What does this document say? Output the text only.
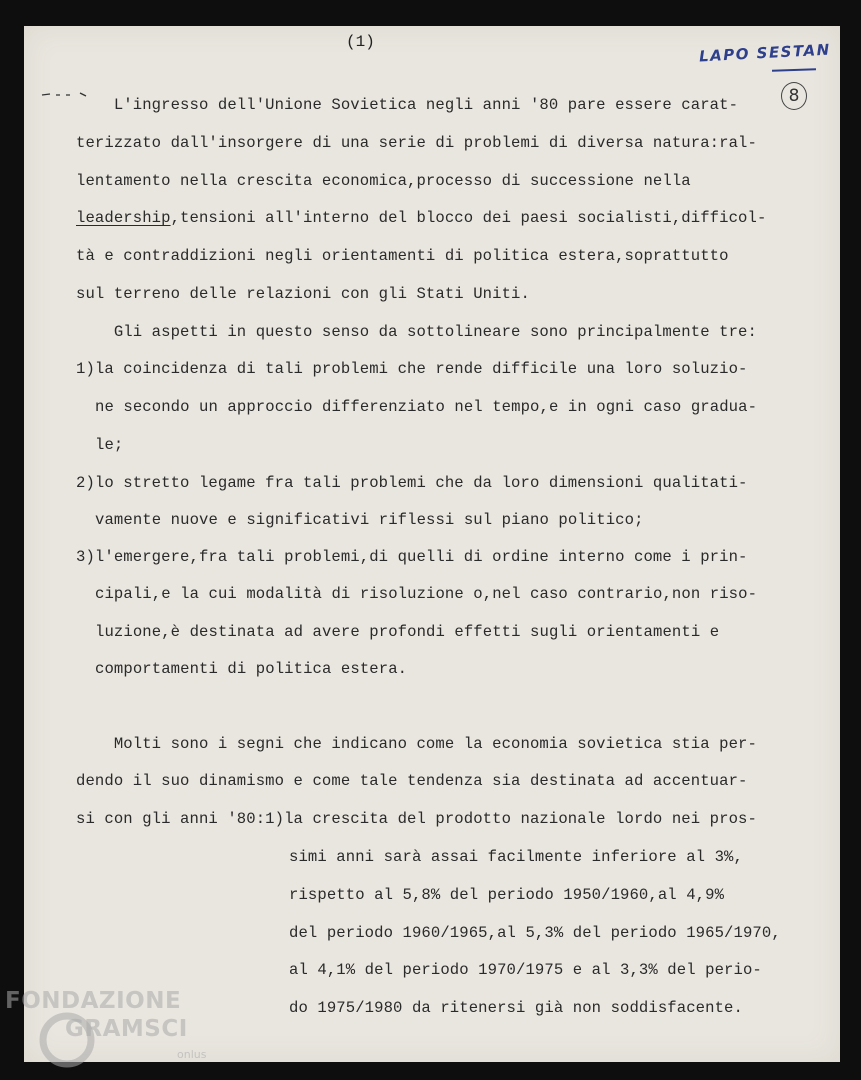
(1)	LAPO SESTAN
8
L'ingresso dell'Unione Sovietica negli anni '80 pare essere carat-
terizzato dall'insorgere di una serie di problemi di diversa natura:ral-
lentamento nella crescita economica,processo di successione nella
leadership,tensioni all'interno del blocco dei paesi socialisti,difficol-
tà e contraddizioni negli orientamenti di politica estera,soprattutto
sul terreno delle relazioni con gli Stati Uniti.
Gli aspetti in questo senso da sottolineare sono principalmente tre:
1)la coincidenza di tali problemi che rende difficile una loro soluzio-
ne secondo un approccio differenziato nel tempo,e in ogni caso gradua-
le;
2)lo stretto legame fra tali problemi che da loro dimensioni qualitati-
vamente nuove e significativi riflessi sul piano politico;
3)l'emergere,fra tali problemi,di quelli di ordine interno come i prin-
cipali,e la cui modalità di risoluzione o,nel caso contrario,non riso-
luzione,è destinata ad avere profondi effetti sugli orientamenti e
comportamenti di politica estera.
Molti sono i segni che indicano come la economia sovietica stia per-
dendo il suo dinamismo e come tale tendenza sia destinata ad accentuar-
si con gli anni '80:1)la crescita del prodotto nazionale lordo nei pros-
simi anni sarà assai facilmente inferiore al 3%,
rispetto al 5,8% del periodo 1950/1960,al 4,9%
del periodo 1960/1965,al 5,3% del periodo 1965/1970,
al 4,1% del periodo 1970/1975 e al 3,3% del perio-
do 1975/1980 da ritenersi già non soddisfacente.
FONDAZIONE
GRAMSCI
onlus
